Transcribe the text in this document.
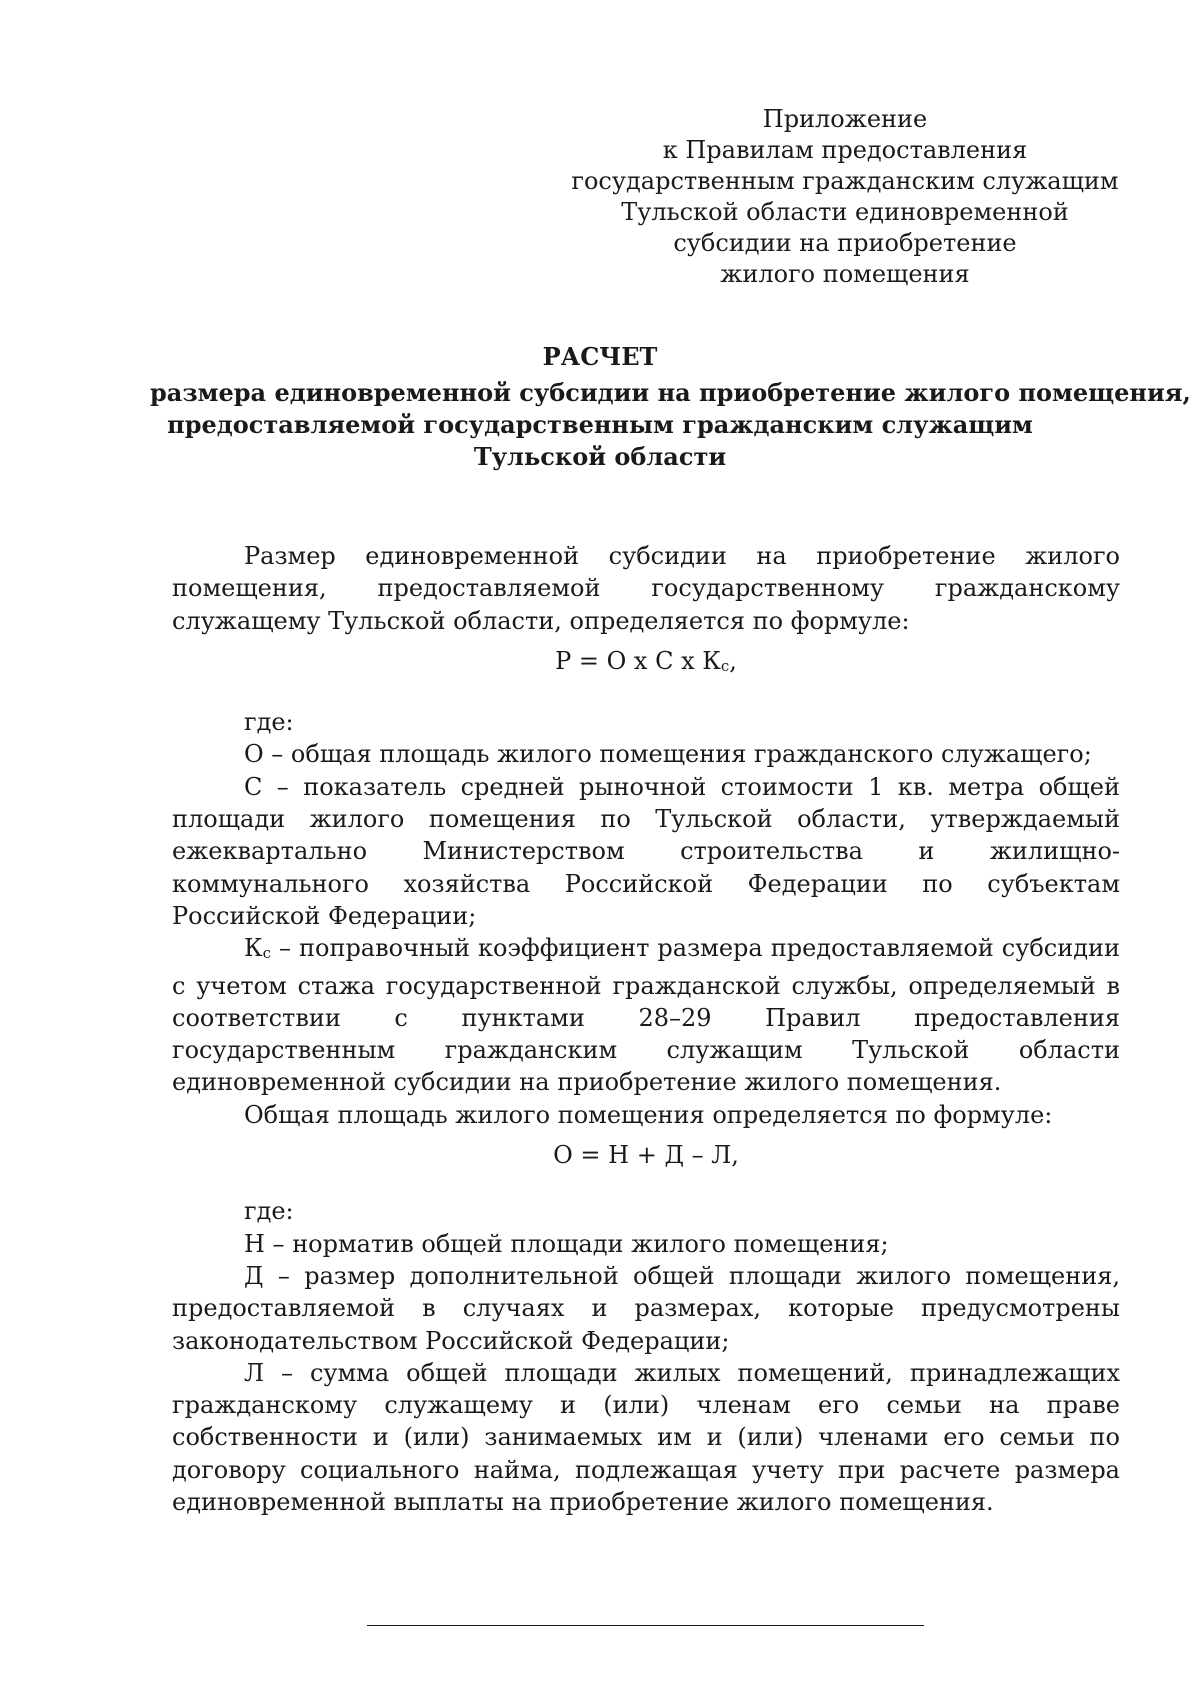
Приложение
к Правилам предоставления
государственным гражданским служащим
Тульской области единовременной
субсидии на приобретение
жилого помещения
РАСЧЕТ
размера единовременной субсидии на приобретение жилого помещения,
предоставляемой государственным гражданским служащим
Тульской области

Размер единовременной субсидии на приобретение жилого помещения, предоставляемой государственному гражданскому служащему Тульской области, определяется по формуле:

Р = О х С х Кс,

где:

О – общая площадь жилого помещения гражданского служащего;

С – показатель средней рыночной стоимости 1 кв. метра общей площади жилого помещения по Тульской области, утверждаемый ежеквартально Министерством строительства и жилищно-коммунального хозяйства Российской Федерации по субъектам Российской Федерации;

Кс – поправочный коэффициент размера предоставляемой субсидии с учетом стажа государственной гражданской службы, определяемый в соответствии с пунктами 28–29 Правил предоставления государственным гражданским служащим Тульской области единовременной субсидии на приобретение жилого помещения.

Общая площадь жилого помещения определяется по формуле:

О = Н + Д – Л,

где:

Н – норматив общей площади жилого помещения;

Д – размер дополнительной общей площади жилого помещения, предоставляемой в случаях и размерах, которые предусмотрены законодательством Российской Федерации;

Л – сумма общей площади жилых помещений, принадлежащих гражданскому служащему и (или) членам его семьи на праве собственности и (или) занимаемых им и (или) членами его семьи по договору социального найма, подлежащая учету при расчете размера единовременной выплаты на приобретение жилого помещения.
